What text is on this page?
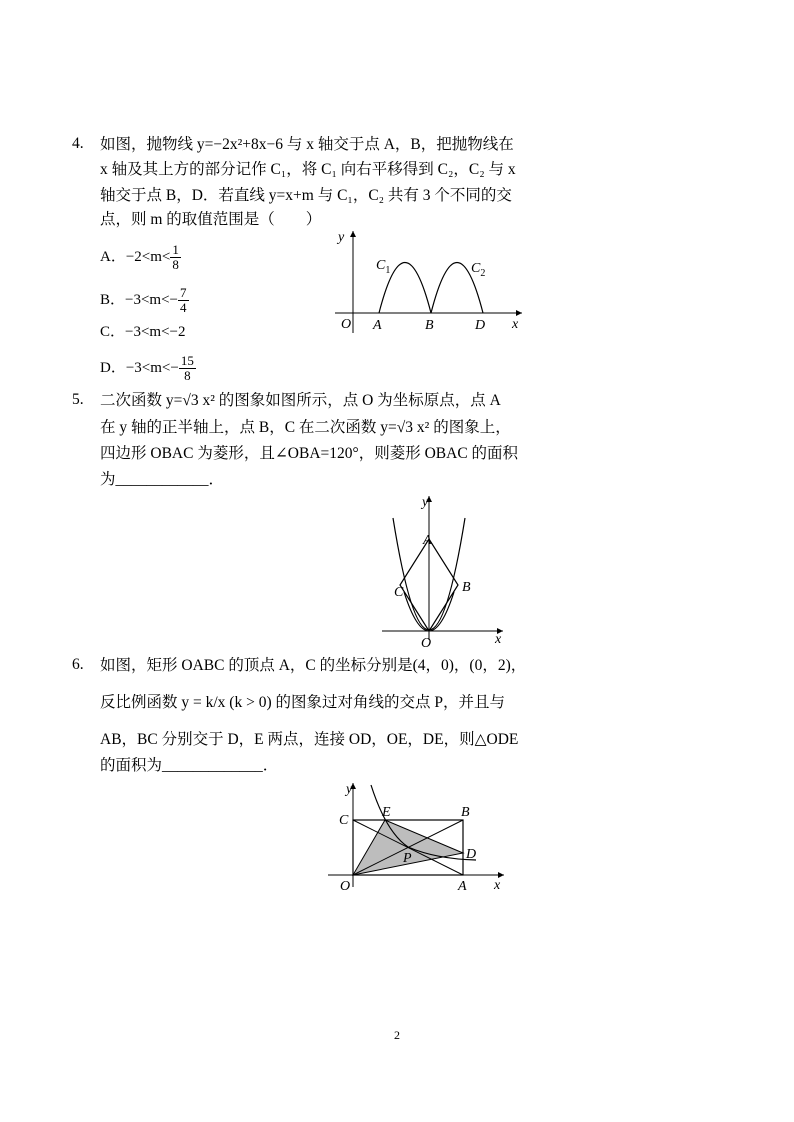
4. 如图，抛物线 y=−2x²+8x−6 与 x 轴交于点 A，B，把抛物线在
x 轴及其上方的部分记作 C₁，将 C₁ 向右平移得到 C₂，C₂ 与 x
轴交于点 B，D．若直线 y=x+m 与 C₁，C₂ 共有 3 个不同的交
点，则 m 的取值范围是（　　）
A．$-2<m< \frac{1}{8}$
B．$-3<m<- \frac{7}{4}$
C．−3<m<−2
D．$-3<m<- \frac{15}{8}$
y
x
O A	B	D
$C_1$	$C_2$
5. 二次函数 y=√3 x² 的图象如图所示，点 O 为坐标原点，点 A
在 y 轴的正半轴上，点 B，C 在二次函数 y=√3 x² 的图象上，
四边形 OBAC 为菱形，且∠OBA=120°，则菱形 OBAC 的面积
为____________．
y
x
O
A
B
C
6. 如图，矩形 OABC 的顶点 A，C 的坐标分别是(4，0)，(0，2)，
反比例函数 y = k/x (k > 0) 的图象过对角线的交点 P，并且与
AB，BC 分别交于 D，E 两点，连接 OD，OE，DE，则△ODE
的面积为_____________．
y
x
O	A
B
C
D
E
P
2
